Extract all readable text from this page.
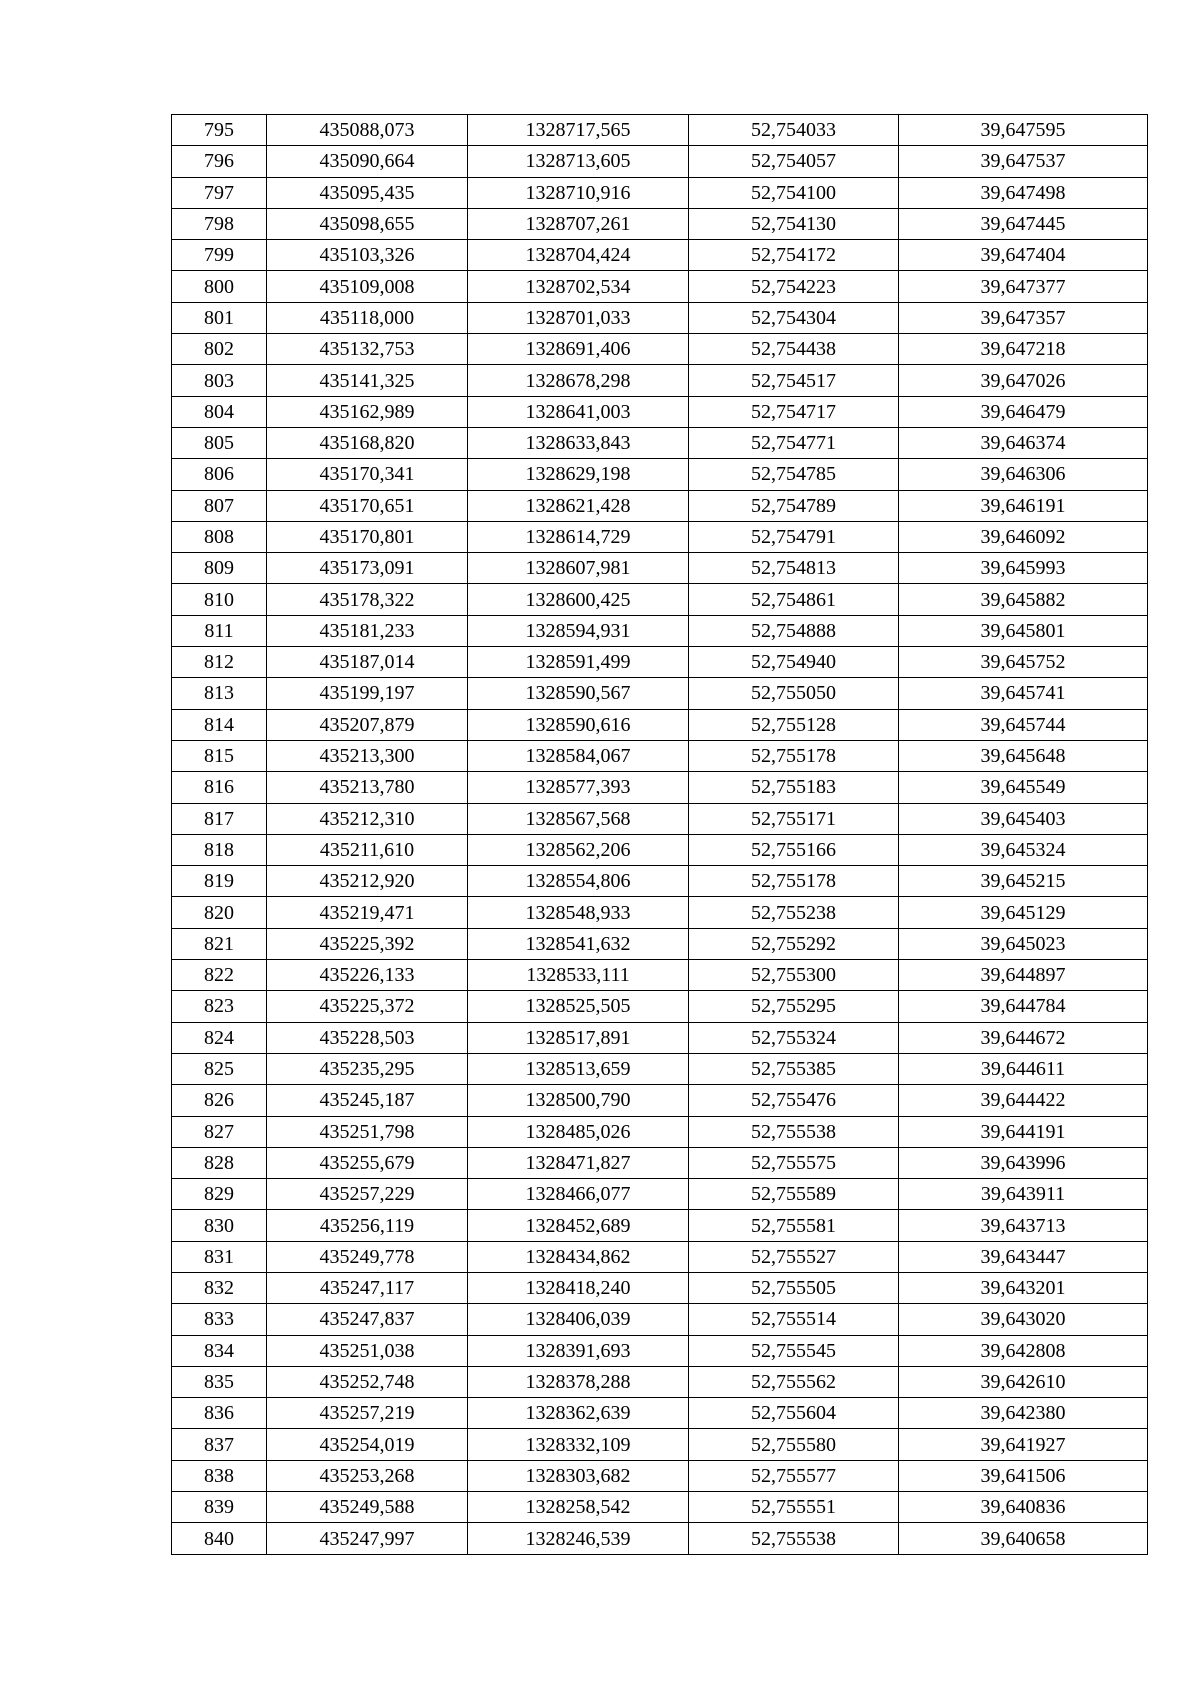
795	435088,073	1328717,565	52,754033	39,647595
796	435090,664	1328713,605	52,754057	39,647537
797	435095,435	1328710,916	52,754100	39,647498
798	435098,655	1328707,261	52,754130	39,647445
799	435103,326	1328704,424	52,754172	39,647404
800	435109,008	1328702,534	52,754223	39,647377
801	435118,000	1328701,033	52,754304	39,647357
802	435132,753	1328691,406	52,754438	39,647218
803	435141,325	1328678,298	52,754517	39,647026
804	435162,989	1328641,003	52,754717	39,646479
805	435168,820	1328633,843	52,754771	39,646374
806	435170,341	1328629,198	52,754785	39,646306
807	435170,651	1328621,428	52,754789	39,646191
808	435170,801	1328614,729	52,754791	39,646092
809	435173,091	1328607,981	52,754813	39,645993
810	435178,322	1328600,425	52,754861	39,645882
811	435181,233	1328594,931	52,754888	39,645801
812	435187,014	1328591,499	52,754940	39,645752
813	435199,197	1328590,567	52,755050	39,645741
814	435207,879	1328590,616	52,755128	39,645744
815	435213,300	1328584,067	52,755178	39,645648
816	435213,780	1328577,393	52,755183	39,645549
817	435212,310	1328567,568	52,755171	39,645403
818	435211,610	1328562,206	52,755166	39,645324
819	435212,920	1328554,806	52,755178	39,645215
820	435219,471	1328548,933	52,755238	39,645129
821	435225,392	1328541,632	52,755292	39,645023
822	435226,133	1328533,111	52,755300	39,644897
823	435225,372	1328525,505	52,755295	39,644784
824	435228,503	1328517,891	52,755324	39,644672
825	435235,295	1328513,659	52,755385	39,644611
826	435245,187	1328500,790	52,755476	39,644422
827	435251,798	1328485,026	52,755538	39,644191
828	435255,679	1328471,827	52,755575	39,643996
829	435257,229	1328466,077	52,755589	39,643911
830	435256,119	1328452,689	52,755581	39,643713
831	435249,778	1328434,862	52,755527	39,643447
832	435247,117	1328418,240	52,755505	39,643201
833	435247,837	1328406,039	52,755514	39,643020
834	435251,038	1328391,693	52,755545	39,642808
835	435252,748	1328378,288	52,755562	39,642610
836	435257,219	1328362,639	52,755604	39,642380
837	435254,019	1328332,109	52,755580	39,641927
838	435253,268	1328303,682	52,755577	39,641506
839	435249,588	1328258,542	52,755551	39,640836
840	435247,997	1328246,539	52,755538	39,640658
